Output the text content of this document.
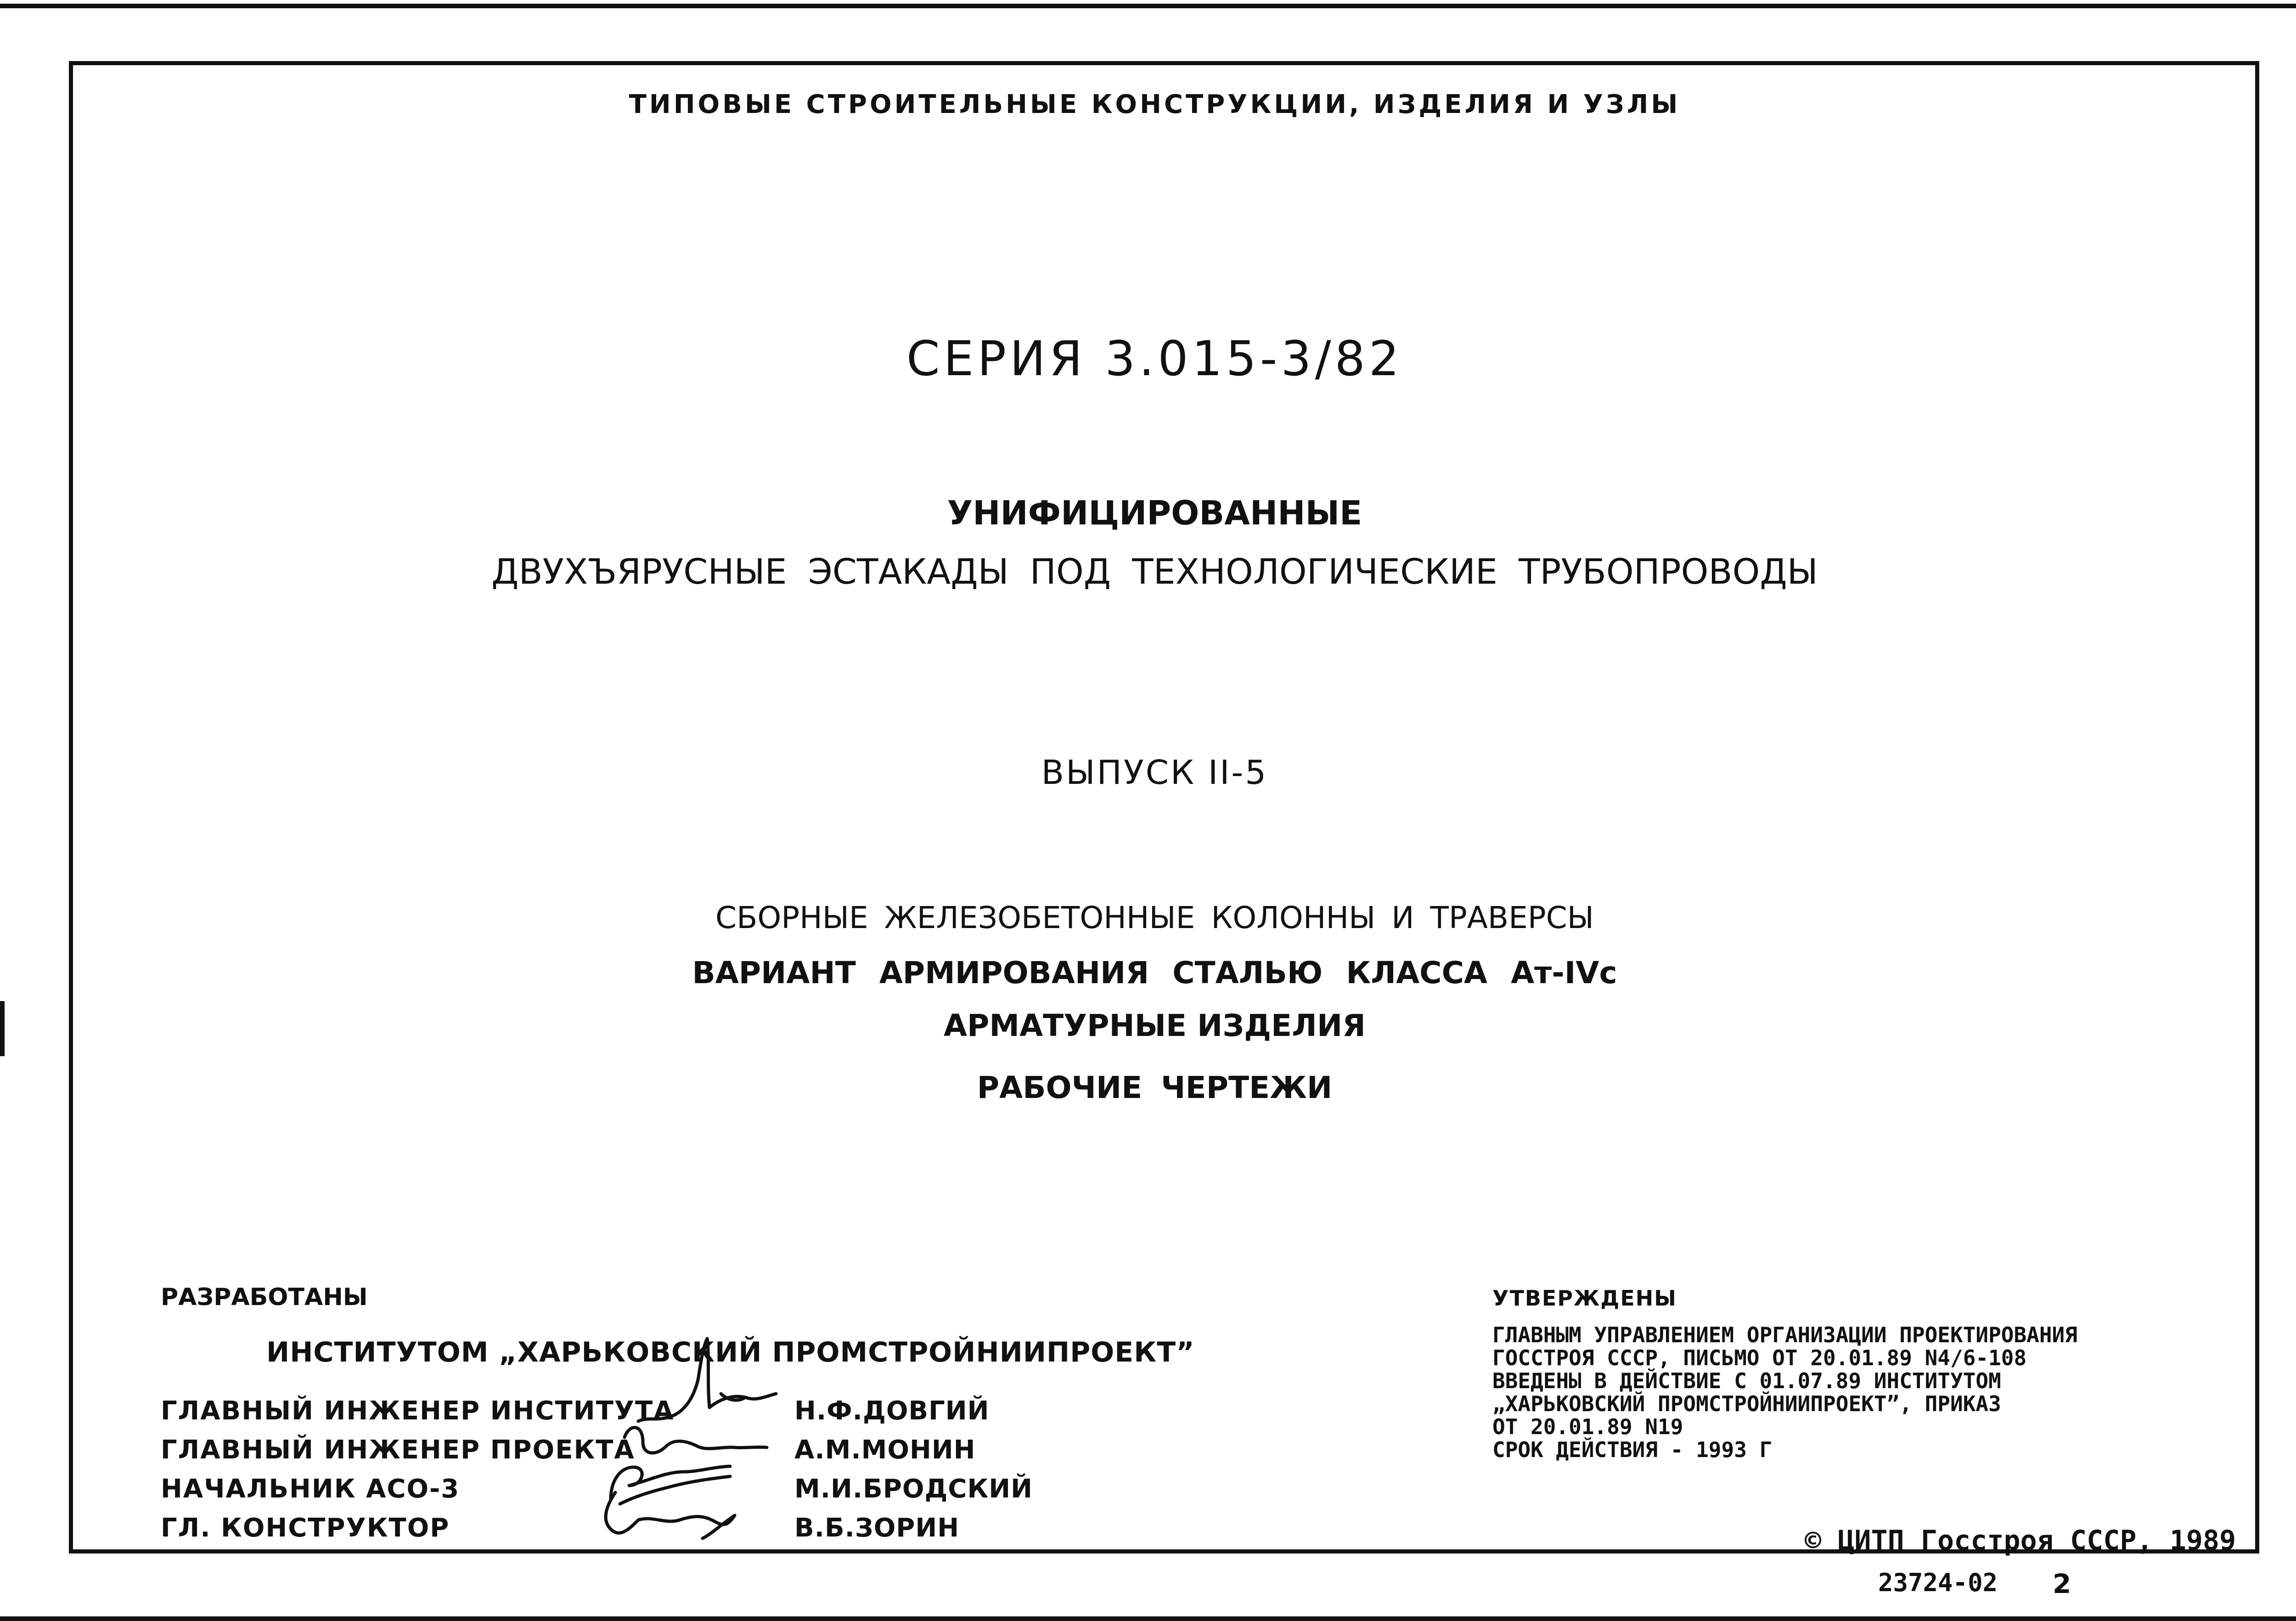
ТИПОВЫЕ СТРОИТЕЛЬНЫЕ КОНСТРУКЦИИ, ИЗДЕЛИЯ И УЗЛЫ
СЕРИЯ 3.015-3/82
УНИФИЦИРОВАННЫЕ
ДВУХЪЯРУСНЫЕ ЭСТАКАДЫ ПОД ТЕХНОЛОГИЧЕСКИЕ ТРУБОПРОВОДЫ
ВЫПУСК II-5
СБОРНЫЕ ЖЕЛЕЗОБЕТОННЫЕ КОЛОННЫ И ТРАВЕРСЫ
ВАРИАНТ АРМИРОВАНИЯ СТАЛЬЮ КЛАССА Ат-IVс
АРМАТУРНЫЕ ИЗДЕЛИЯ
РАБОЧИЕ ЧЕРТЕЖИ
РАЗРАБОТАНЫ
ИНСТИТУТОМ „ХАРЬКОВСКИЙ ПРОМСТРОЙНИИПРОЕКТ”
ГЛАВНЫЙ ИНЖЕНЕР ИНСТИТУТА	Н.Ф.ДОВГИЙ
ГЛАВНЫЙ ИНЖЕНЕР ПРОЕКТА	А.М.МОНИН
НАЧАЛЬНИК АСО-3	М.И.БРОДСКИЙ
ГЛ. КОНСТРУКТОР	В.Б.ЗОРИН
УТВЕРЖДЕНЫ
ГЛАВНЫМ УПРАВЛЕНИЕМ ОРГАНИЗАЦИИ ПРОЕКТИРОВАНИЯ
ГОССТРОЯ СССР, ПИСЬМО ОТ 20.01.89 N4/6-108
ВВЕДЕНЫ В ДЕЙСТВИЕ С 01.07.89 ИНСТИТУТОМ
„ХАРЬКОВСКИЙ ПРОМСТРОЙНИИПРОЕКТ”, ПРИКАЗ
ОТ 20.01.89 N19
СРОК ДЕЙСТВИЯ - 1993 Г
© ЦИТП Госстроя СССР, 1989
23724-02 2
